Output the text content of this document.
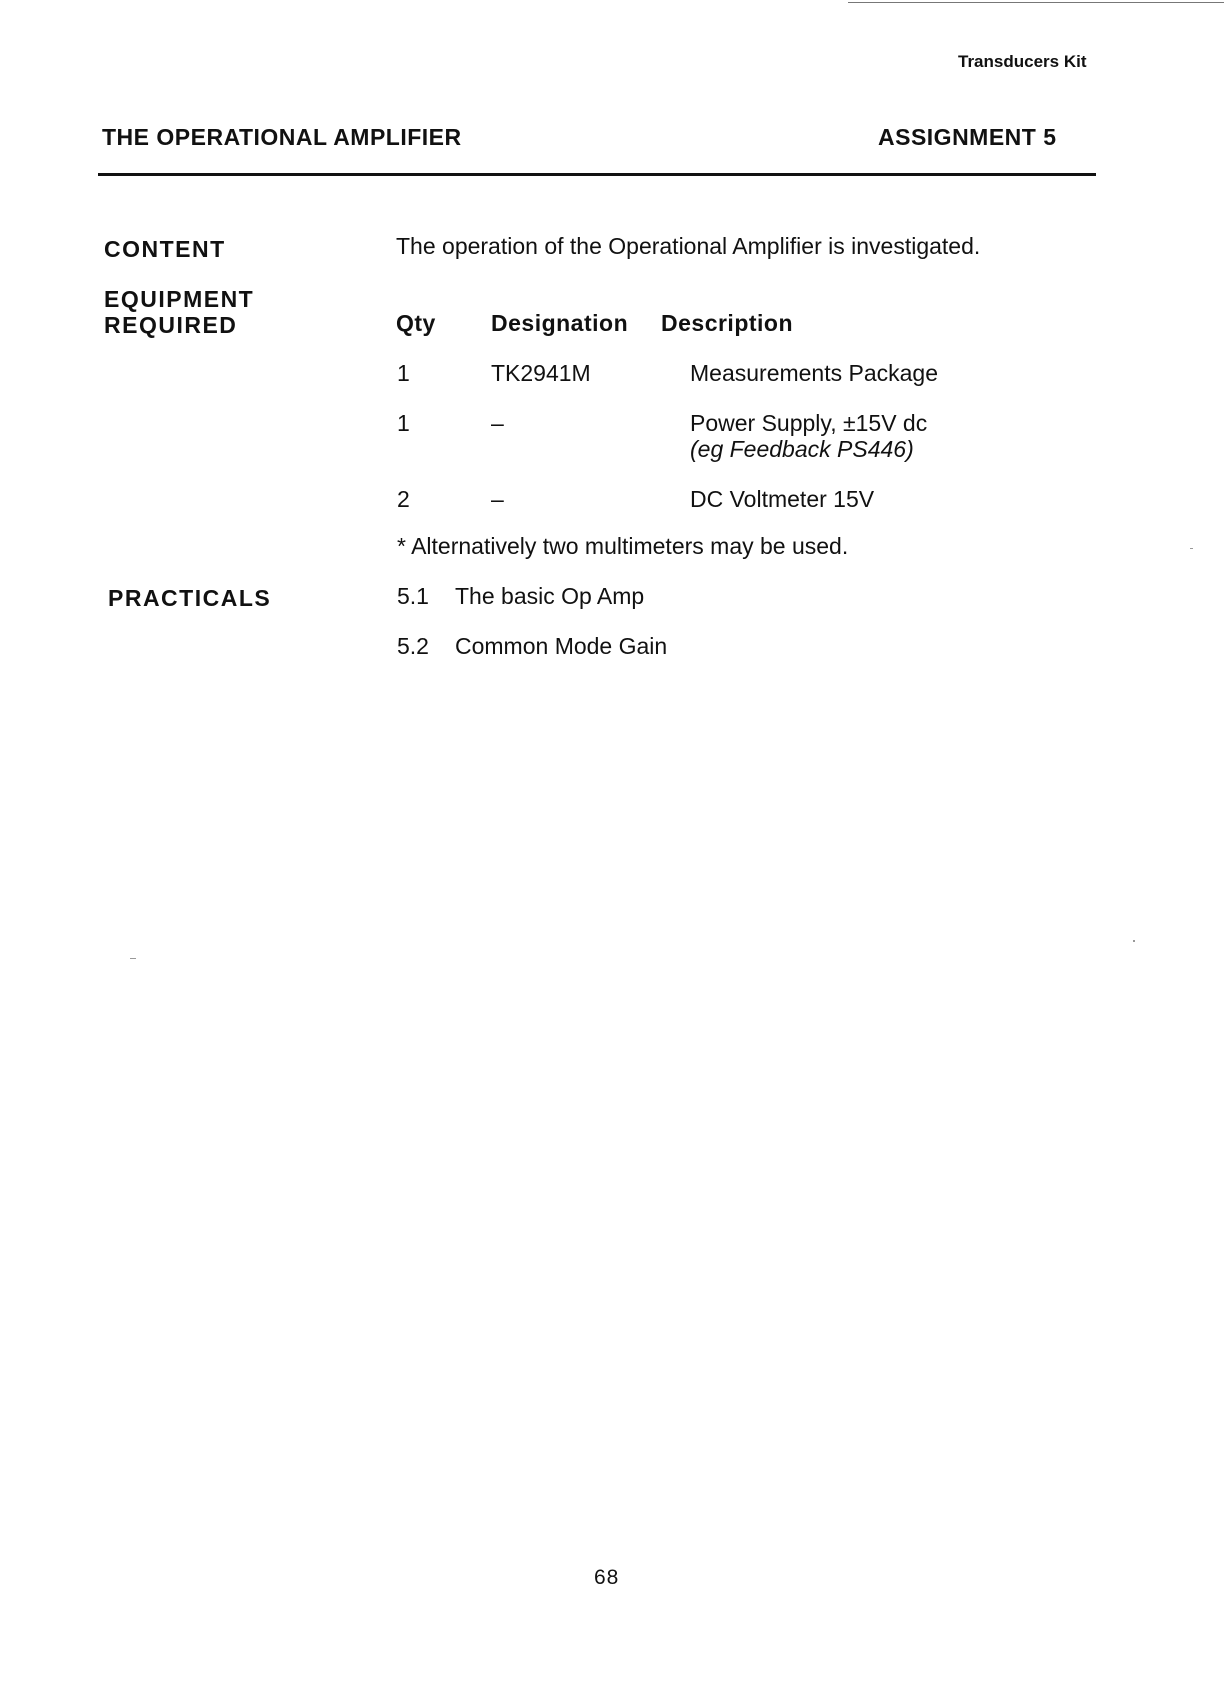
Transducers Kit
THE OPERATIONAL AMPLIFIER	ASSIGNMENT 5
CONTENT	The operation of the Operational Amplifier is investigated.
EQUIPMENT
REQUIRED	Qty Designation Description
1	TK2941M	Measurements Package
1	–	Power Supply, ±15V dc
(eg Feedback PS446)
2	–	DC Voltmeter 15V
* Alternatively two multimeters may be used.
PRACTICALS	5.1 The basic Op Amp
5.2 Common Mode Gain
68
